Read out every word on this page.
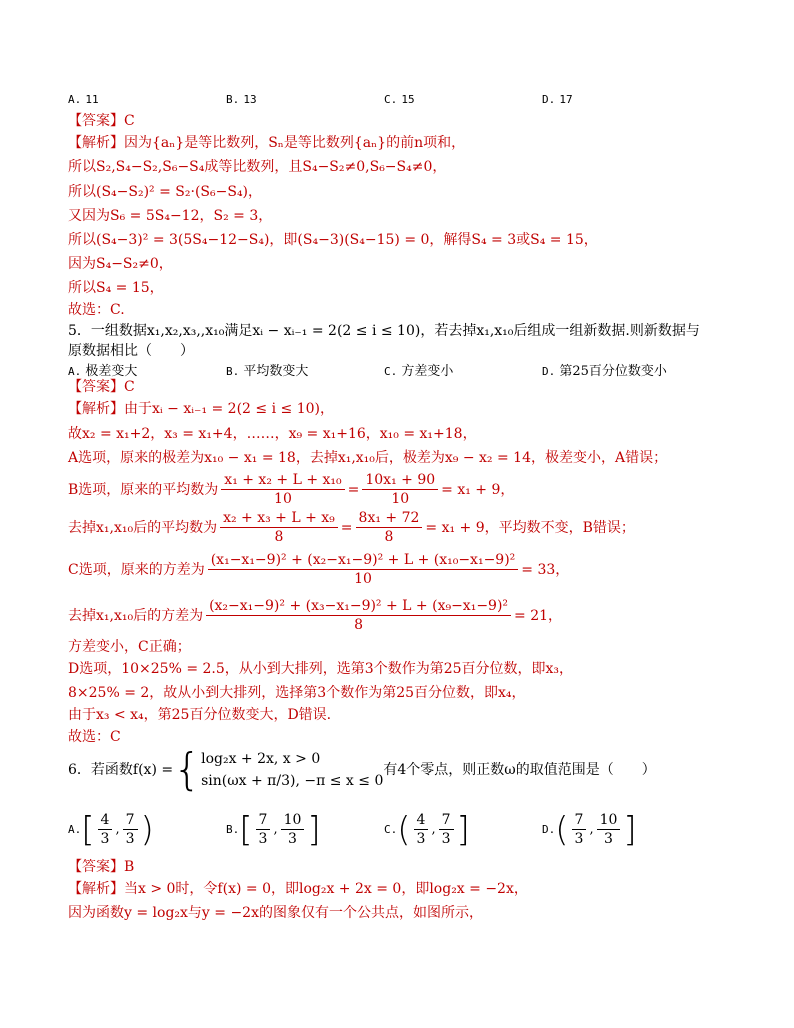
A. 11	B. 13	C. 15	D. 17
【答案】C
【解析】因为{aₙ}是等比数列，Sₙ是等比数列{aₙ}的前n项和，
所以S₂,S₄−S₂,S₆−S₄成等比数列，且S₄−S₂≠0,S₆−S₄≠0，
所以(S₄−S₂)² = S₂·(S₆−S₄)，
又因为S₆ = 5S₄−12，S₂ = 3，
所以(S₄−3)² = 3(5S₄−12−S₄)，即(S₄−3)(S₄−15) = 0，解得S₄ = 3或S₄ = 15，
因为S₄−S₂≠0，
所以S₄ = 15，
故选：C.
5．一组数据x₁,x₂,x₃,,x₁₀满足xᵢ − xᵢ₋₁ = 2(2 ≤ i ≤ 10)，若去掉x₁,x₁₀后组成一组新数据.则新数据与
原数据相比（　　）
A. 极差变大	B. 平均数变大	C. 方差变小	D. 第25百分位数变小
【答案】C
【解析】由于xᵢ − xᵢ₋₁ = 2(2 ≤ i ≤ 10)，
故x₂ = x₁+2，x₃ = x₁+4，……，x₉ = x₁+16，x₁₀ = x₁+18，
A选项，原来的极差为x₁₀ − x₁ = 18，去掉x₁,x₁₀后，极差为x₉ − x₂ = 14，极差变小，A错误；
B选项，原来的平均数为 $\frac{\text{x₁ + x₂ + L + x₁₀}}{10} = \frac{\text{10x₁ + 90}}{10} = x_1 + 9$，
去掉x₁,x₁₀后的平均数为 $\frac{\text{x₂ + x₃ + L + x₉}}{8} = \frac{\text{8x₁ + 72}}{8} = x_1 + 9$，平均数不变，B错误；
C选项，原来的方差为 $\frac{\text{(x₁−x₁−9)² + (x₂−x₁−9)² + L + (x₁₀−x₁−9)²}}{10} = 33$，
去掉x₁,x₁₀后的方差为 $\frac{\text{(x₂−x₁−9)² + (x₃−x₁−9)² + L + (x₉−x₁−9)²}}{8} = 21$，
方差变小，C正确；
D选项，10×25% = 2.5，从小到大排列，选第3个数作为第25百分位数，即x₃，
8×25% = 2，故从小到大排列，选择第3个数作为第25百分位数，即x₄，
由于x₃ < x₄，第25百分位数变大，D错误.
故选：C
6．若函数f(x) = { log₂x + 2x, x > 0
sin(ωx + π/3), −π ≤ x ≤ 0
有4个零点，则正数ω的取值范围是（　　）
A. [ $\frac{4}{3}$ , $\frac{7}{3}$ )	B. [ $\frac{7}{3}$ , $\frac{10}{3}$ ]	C. ( $\frac{4}{3}$ , $\frac{7}{3}$ ]	D. ( $\frac{7}{3}$ , $\frac{10}{3}$ ]
【答案】B
【解析】当x > 0时，令f(x) = 0，即log₂x + 2x = 0，即log₂x = −2x，
因为函数y = log₂x与y = −2x的图象仅有一个公共点，如图所示，
